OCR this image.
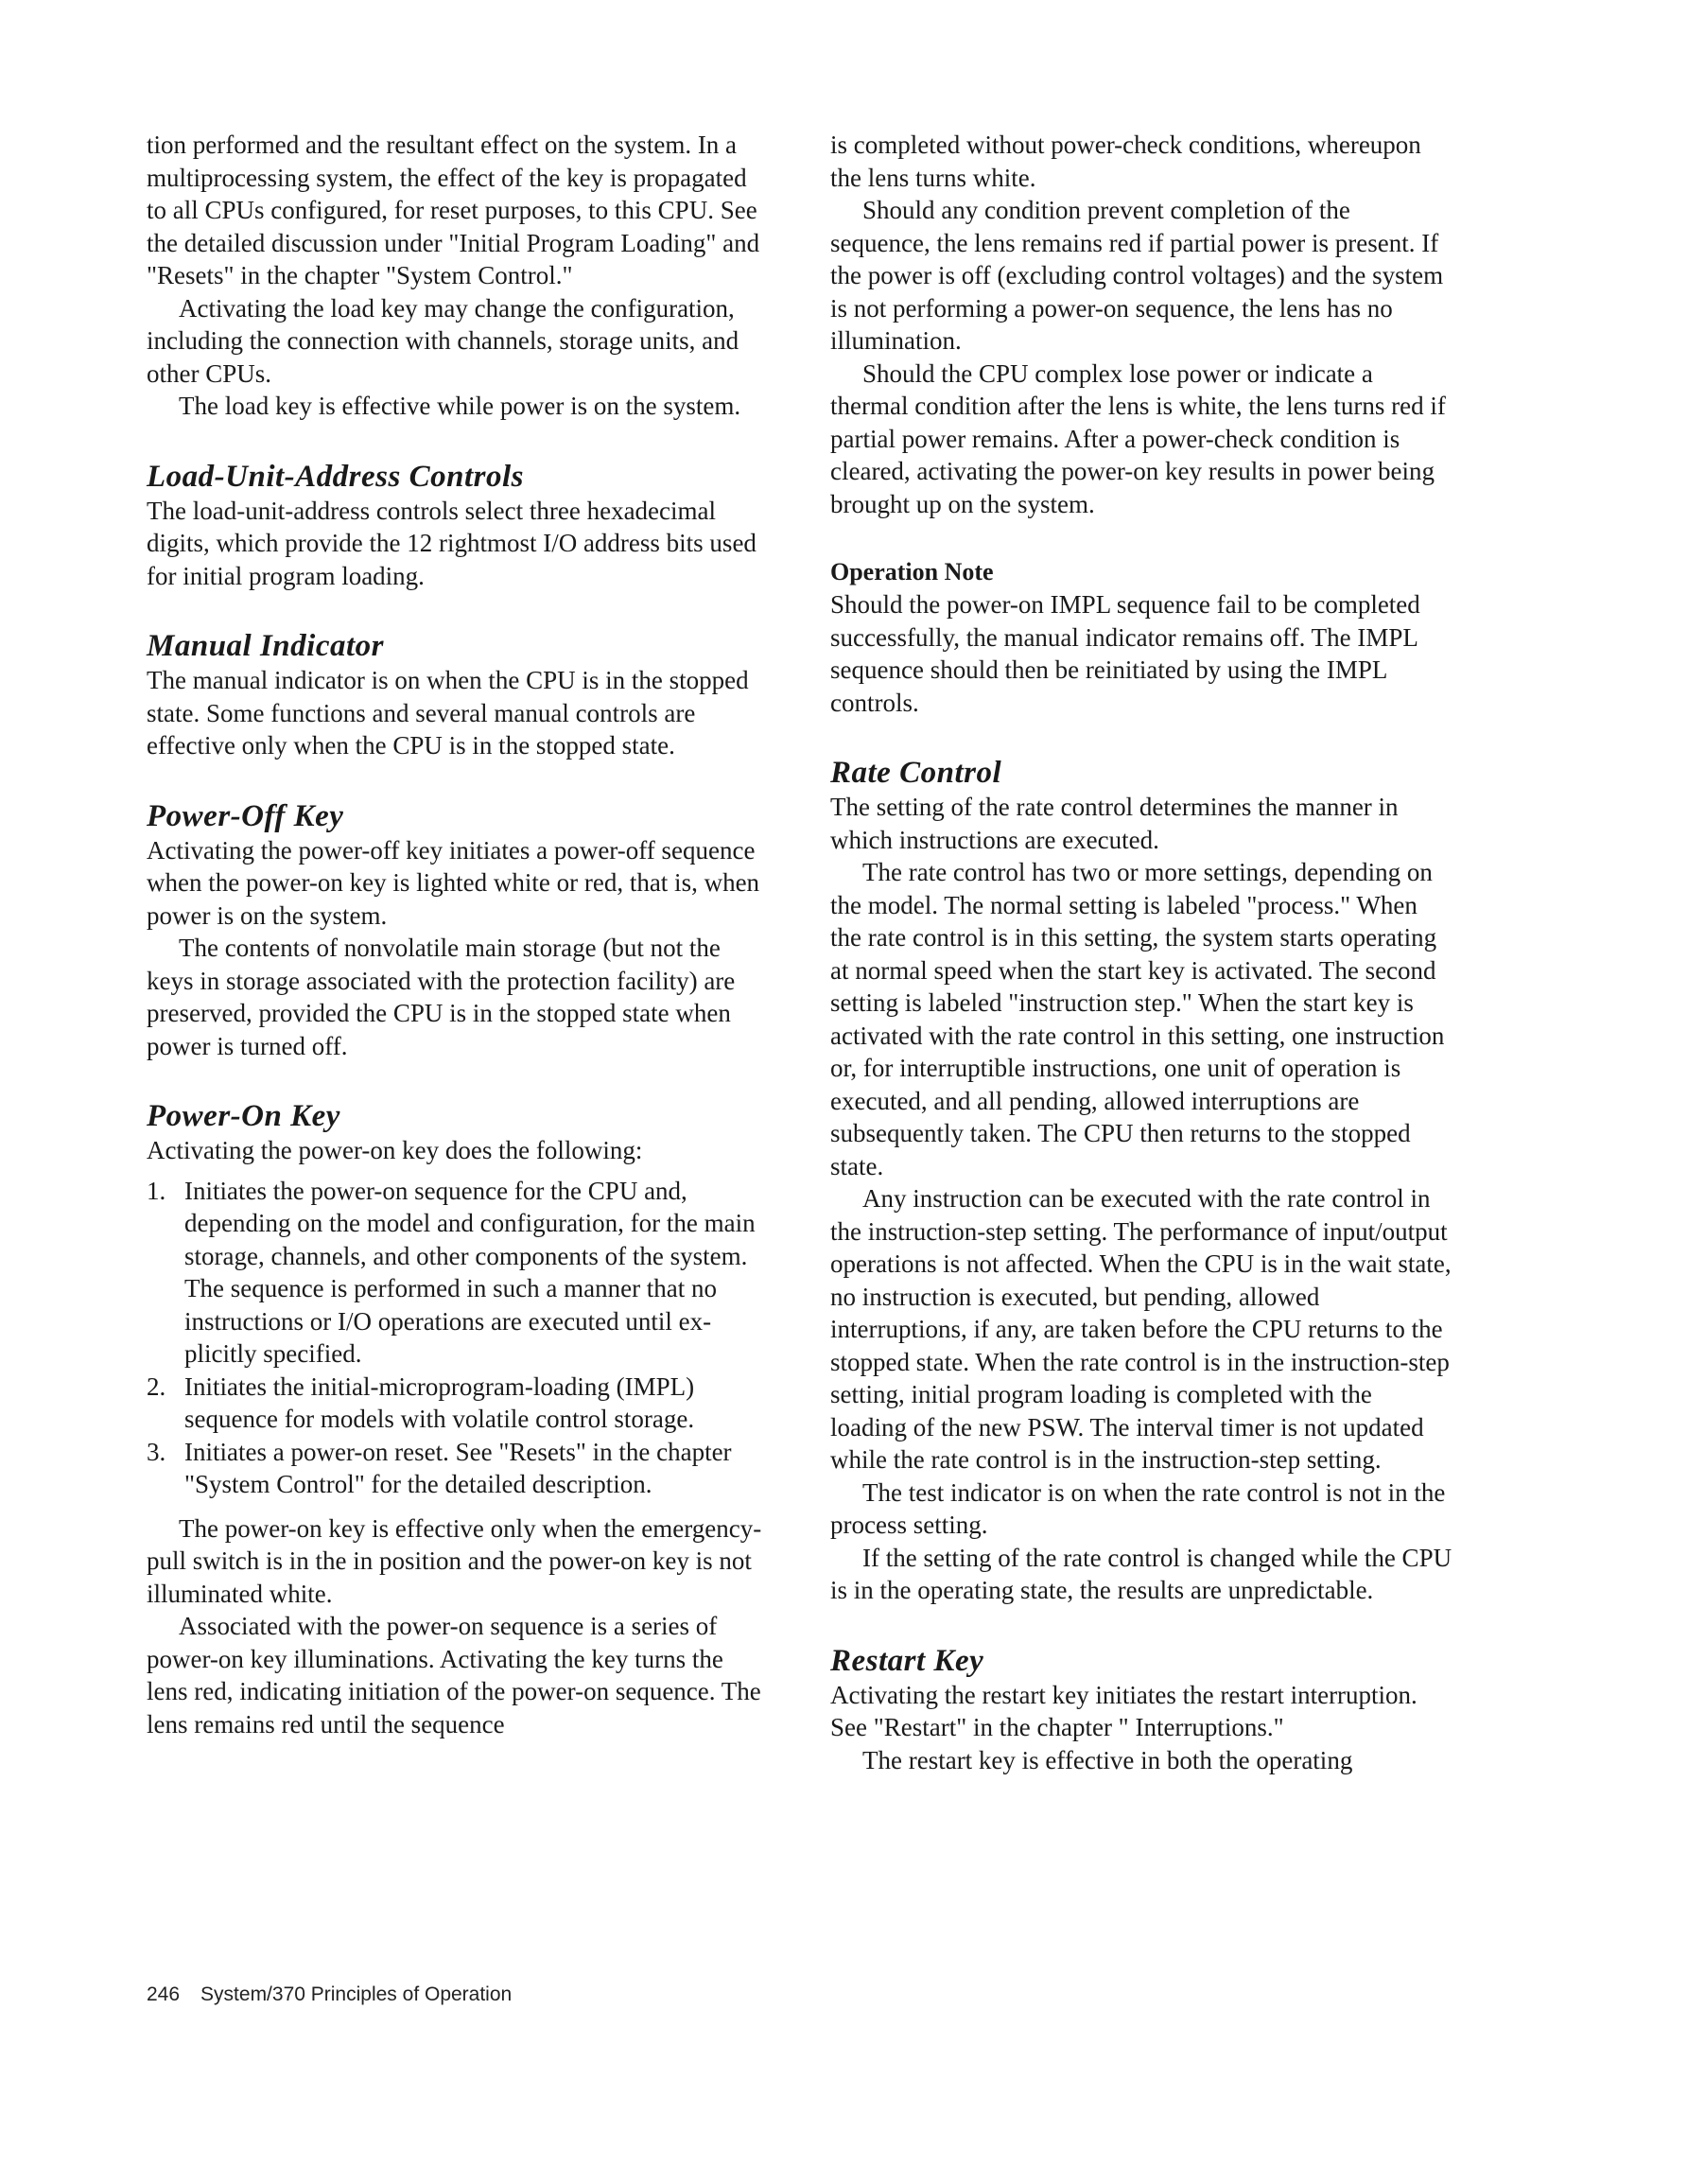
tion performed and the resultant effect on the system. In a multiprocessing system, the effect of the key is propagated to all CPUs configured, for reset purposes, to this CPU. See the detailed discussion under "Initial Program Loading" and "Resets" in the chapter "System Control."

Activating the load key may change the configuration, including the connection with channels, storage units, and other CPUs.

The load key is effective while power is on the system.

Load-Unit-Address Controls

The load-unit-address controls select three hexadecimal digits, which provide the 12 rightmost I/O address bits used for initial program loading.

Manual Indicator

The manual indicator is on when the CPU is in the stopped state. Some functions and several manual controls are effective only when the CPU is in the stopped state.

Power-Off Key

Activating the power-off key initiates a power-off sequence when the power-on key is lighted white or red, that is, when power is on the system.

The contents of nonvolatile main storage (but not the keys in storage associated with the protection facility) are preserved, provided the CPU is in the stopped state when power is turned off.

Power-On Key

Activating the power-on key does the following:

1. Initiates the power-on sequence for the CPU and, depending on the model and configuration, for the main storage, channels, and other components of the system. The sequence is performed in such a manner that no instructions or I/O operations are executed until explicitly specified.
2. Initiates the initial-microprogram-loading (IMPL) sequence for models with volatile control storage.
3. Initiates a power-on reset. See "Resets" in the chapter "System Control" for the detailed description.

The power-on key is effective only when the emergency-pull switch is in the in position and the power-on key is not illuminated white.

Associated with the power-on sequence is a series of power-on key illuminations. Activating the key turns the lens red, indicating initiation of the power-on sequence. The lens remains red until the sequence

is completed without power-check conditions, whereupon the lens turns white.

Should any condition prevent completion of the sequence, the lens remains red if partial power is present. If the power is off (excluding control voltages) and the system is not performing a power-on sequence, the lens has no illumination.

Should the CPU complex lose power or indicate a thermal condition after the lens is white, the lens turns red if partial power remains. After a power-check condition is cleared, activating the power-on key results in power being brought up on the system.

Operation Note

Should the power-on IMPL sequence fail to be completed successfully, the manual indicator remains off. The IMPL sequence should then be reinitiated by using the IMPL controls.

Rate Control

The setting of the rate control determines the manner in which instructions are executed.

The rate control has two or more settings, depending on the model. The normal setting is labeled "process." When the rate control is in this setting, the system starts operating at normal speed when the start key is activated. The second setting is labeled "instruction step." When the start key is activated with the rate control in this setting, one instruction or, for interruptible instructions, one unit of operation is executed, and all pending, allowed interruptions are subsequently taken. The CPU then returns to the stopped state.

Any instruction can be executed with the rate control in the instruction-step setting. The performance of input/output operations is not affected. When the CPU is in the wait state, no instruction is executed, but pending, allowed interruptions, if any, are taken before the CPU returns to the stopped state. When the rate control is in the instruction-step setting, initial program loading is completed with the loading of the new PSW. The interval timer is not updated while the rate control is in the instruction-step setting.

The test indicator is on when the rate control is not in the process setting.

If the setting of the rate control is changed while the CPU is in the operating state, the results are unpredictable.

Restart Key

Activating the restart key initiates the restart interruption. See "Restart" in the chapter " Interruptions."

The restart key is effective in both the operating

246 System/370 Principles of Operation
